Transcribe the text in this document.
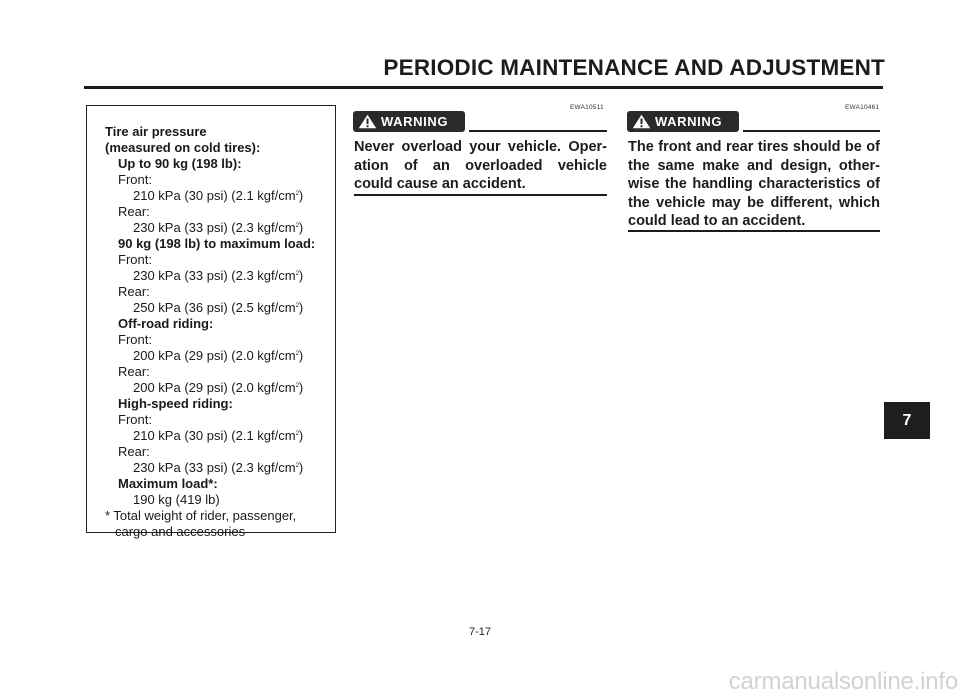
PERIODIC MAINTENANCE AND ADJUSTMENT
Tire air pressure
(measured on cold tires):
Up to 90 kg (198 lb):
Front:
210 kPa (30 psi) (2.1 kgf/$cm^2$)
Rear:
230 kPa (33 psi) (2.3 kgf/$cm^2$)
90 kg (198 lb) to maximum load:
Front:
230 kPa (33 psi) (2.3 kgf/$cm^2$)
Rear:
250 kPa (36 psi) (2.5 kgf/$cm^2$)
Off-road riding:
Front:
200 kPa (29 psi) (2.0 kgf/$cm^2$)
Rear:
200 kPa (29 psi) (2.0 kgf/$cm^2$)
High-speed riding:
Front:
210 kPa (30 psi) (2.1 kgf/$cm^2$)
Rear:
230 kPa (33 psi) (2.3 kgf/$cm^2$)
Maximum load*:
190 kg (419 lb)
* Total weight of rider, passenger,
cargo and accessories
EWA10511
WARNING
Never overload your vehicle. Oper-
ation of an overloaded vehicle
could cause an accident.
EWA10461
WARNING
The front and rear tires should be of
the same make and design, other-
wise the handling characteristics of
the vehicle may be different, which
could lead to an accident.
7
7-17
carmanualsonline.info
